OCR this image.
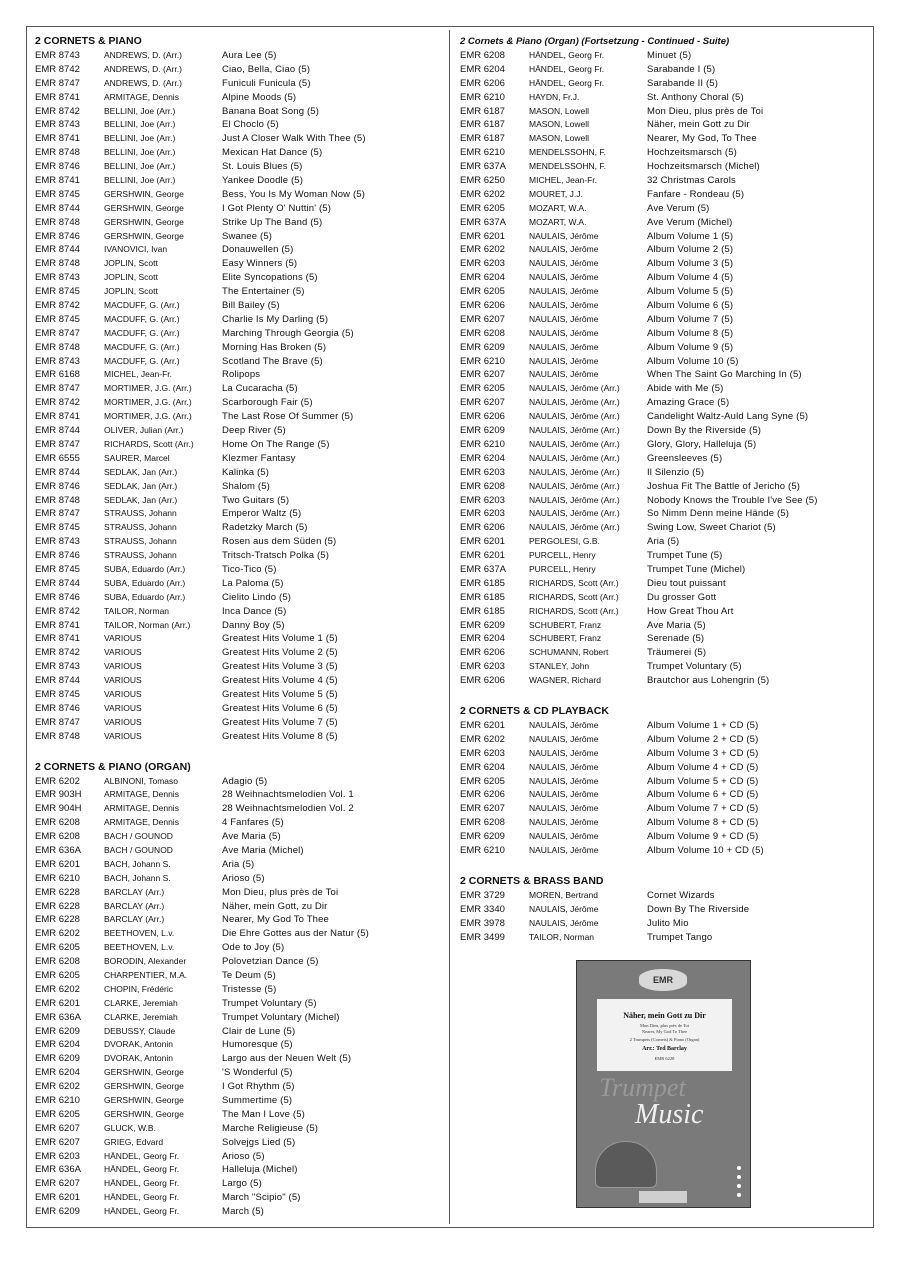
2 CORNETS & PIANO
EMR 8743	ANDREWS, D. (Arr.)	Aura Lee (5)
EMR 8742	ANDREWS, D. (Arr.)	Ciao, Bella, Ciao (5)
EMR 8747	ANDREWS, D. (Arr.)	Funiculi Funicula (5)
EMR 8741	ARMITAGE, Dennis	Alpine Moods (5)
EMR 8742	BELLINI, Joe (Arr.)	Banana Boat Song (5)
EMR 8743	BELLINI, Joe (Arr.)	El Choclo (5)
EMR 8741	BELLINI, Joe (Arr.)	Just A Closer Walk With Thee (5)
EMR 8748	BELLINI, Joe (Arr.)	Mexican Hat Dance (5)
EMR 8746	BELLINI, Joe (Arr.)	St. Louis Blues (5)
EMR 8741	BELLINI, Joe (Arr.)	Yankee Doodle (5)
EMR 8745	GERSHWIN, George	Bess, You Is My Woman Now (5)
EMR 8744	GERSHWIN, George	I Got Plenty O' Nuttin' (5)
EMR 8748	GERSHWIN, George	Strike Up The Band (5)
EMR 8746	GERSHWIN, George	Swanee (5)
EMR 8744	IVANOVICI, Ivan	Donauwellen (5)
EMR 8748	JOPLIN, Scott	Easy Winners (5)
EMR 8743	JOPLIN, Scott	Elite Syncopations (5)
EMR 8745	JOPLIN, Scott	The Entertainer (5)
EMR 8742	MACDUFF, G. (Arr.)	Bill Bailey (5)
EMR 8745	MACDUFF, G. (Arr.)	Charlie Is My Darling (5)
EMR 8747	MACDUFF, G. (Arr.)	Marching Through Georgia (5)
EMR 8748	MACDUFF, G. (Arr.)	Morning Has Broken (5)
EMR 8743	MACDUFF, G. (Arr.)	Scotland The Brave (5)
EMR 6168	MICHEL, Jean-Fr.	Rolipops
EMR 8747	MORTIMER, J.G. (Arr.)	La Cucaracha (5)
EMR 8742	MORTIMER, J.G. (Arr.)	Scarborough Fair (5)
EMR 8741	MORTIMER, J.G. (Arr.)	The Last Rose Of Summer (5)
EMR 8744	OLIVER, Julian (Arr.)	Deep River (5)
EMR 8747	RICHARDS, Scott (Arr.)	Home On The Range (5)
EMR 6555	SAURER, Marcel	Klezmer Fantasy
EMR 8744	SEDLAK, Jan (Arr.)	Kalinka (5)
EMR 8746	SEDLAK, Jan (Arr.)	Shalom (5)
EMR 8748	SEDLAK, Jan (Arr.)	Two Guitars (5)
EMR 8747	STRAUSS, Johann	Emperor Waltz (5)
EMR 8745	STRAUSS, Johann	Radetzky March (5)
EMR 8743	STRAUSS, Johann	Rosen aus dem Süden (5)
EMR 8746	STRAUSS, Johann	Tritsch-Tratsch Polka (5)
EMR 8745	SUBA, Eduardo (Arr.)	Tico-Tico (5)
EMR 8744	SUBA, Eduardo (Arr.)	La Paloma (5)
EMR 8746	SUBA, Eduardo (Arr.)	Cielito Lindo (5)
EMR 8742	TAILOR, Norman	Inca Dance (5)
EMR 8741	TAILOR, Norman (Arr.)	Danny Boy (5)
EMR 8741	VARIOUS	Greatest Hits Volume 1 (5)
EMR 8742	VARIOUS	Greatest Hits Volume 2 (5)
EMR 8743	VARIOUS	Greatest Hits Volume 3 (5)
EMR 8744	VARIOUS	Greatest Hits Volume 4 (5)
EMR 8745	VARIOUS	Greatest Hits Volume 5 (5)
EMR 8746	VARIOUS	Greatest Hits Volume 6 (5)
EMR 8747	VARIOUS	Greatest Hits Volume 7 (5)
EMR 8748	VARIOUS	Greatest Hits Volume 8 (5)
2 CORNETS & PIANO (ORGAN)
EMR 6202	ALBINONI, Tomaso	Adagio (5)
EMR 903H	ARMITAGE, Dennis	28 Weihnachtsmelodien Vol. 1
EMR 904H	ARMITAGE, Dennis	28 Weihnachtsmelodien Vol. 2
EMR 6208	ARMITAGE, Dennis	4 Fanfares (5)
EMR 6208	BACH / GOUNOD	Ave Maria (5)
EMR 636A	BACH / GOUNOD	Ave Maria (Michel)
EMR 6201	BACH, Johann S.	Aria (5)
EMR 6210	BACH, Johann S.	Arioso (5)
EMR 6228	BARCLAY (Arr.)	Mon Dieu, plus près de Toi
EMR 6228	BARCLAY (Arr.)	Näher, mein Gott, zu Dir
EMR 6228	BARCLAY (Arr.)	Nearer, My God To Thee
EMR 6202	BEETHOVEN, L.v.	Die Ehre Gottes aus der Natur (5)
EMR 6205	BEETHOVEN, L.v.	Ode to Joy (5)
EMR 6208	BORODIN, Alexander	Polovetzian Dance (5)
EMR 6205	CHARPENTIER, M.A.	Te Deum (5)
EMR 6202	CHOPIN, Frédéric	Tristesse (5)
EMR 6201	CLARKE, Jeremiah	Trumpet Voluntary (5)
EMR 636A	CLARKE, Jeremiah	Trumpet Voluntary (Michel)
EMR 6209	DEBUSSY, Claude	Clair de Lune (5)
EMR 6204	DVORAK, Antonin	Humoresque (5)
EMR 6209	DVORAK, Antonin	Largo aus der Neuen Welt (5)
EMR 6204	GERSHWIN, George	'S Wonderful (5)
EMR 6202	GERSHWIN, George	I Got Rhythm (5)
EMR 6210	GERSHWIN, George	Summertime (5)
EMR 6205	GERSHWIN, George	The Man I Love (5)
EMR 6207	GLUCK, W.B.	Marche Religieuse (5)
EMR 6207	GRIEG, Edvard	Solvejgs Lied (5)
EMR 6203	HÄNDEL, Georg Fr.	Arioso (5)
EMR 636A	HÄNDEL, Georg Fr.	Halleluja (Michel)
EMR 6207	HÄNDEL, Georg Fr.	Largo (5)
EMR 6201	HÄNDEL, Georg Fr.	March "Scipio" (5)
EMR 6209	HÄNDEL, Georg Fr.	March (5)
2 Cornets & Piano (Organ) (Fortsetzung - Continued - Suite)
EMR 6208	HÄNDEL, Georg Fr.	Minuet (5)
EMR 6204	HÄNDEL, Georg Fr.	Sarabande I (5)
EMR 6206	HÄNDEL, Georg Fr.	Sarabande II (5)
EMR 6210	HAYDN, Fr.J.	St. Anthony Choral (5)
EMR 6187	MASON, Lowell	Mon Dieu, plus près de Toi
EMR 6187	MASON, Lowell	Näher, mein Gott zu Dir
EMR 6187	MASON, Lowell	Nearer, My God, To Thee
EMR 6210	MENDELSSOHN, F.	Hochzeitsmarsch (5)
EMR 637A	MENDELSSOHN, F.	Hochzeitsmarsch (Michel)
EMR 6250	MICHEL, Jean-Fr.	32 Christmas Carols
EMR 6202	MOURET, J.J.	Fanfare - Rondeau (5)
EMR 6205	MOZART, W.A.	Ave Verum (5)
EMR 637A	MOZART, W.A.	Ave Verum (Michel)
EMR 6201	NAULAIS, Jérôme	Album Volume 1 (5)
EMR 6202	NAULAIS, Jérôme	Album Volume 2 (5)
EMR 6203	NAULAIS, Jérôme	Album Volume 3 (5)
EMR 6204	NAULAIS, Jérôme	Album Volume 4 (5)
EMR 6205	NAULAIS, Jérôme	Album Volume 5 (5)
EMR 6206	NAULAIS, Jérôme	Album Volume 6 (5)
EMR 6207	NAULAIS, Jérôme	Album Volume 7 (5)
EMR 6208	NAULAIS, Jérôme	Album Volume 8 (5)
EMR 6209	NAULAIS, Jérôme	Album Volume 9 (5)
EMR 6210	NAULAIS, Jérôme	Album Volume 10 (5)
EMR 6207	NAULAIS, Jérôme	When The Saint Go Marching In (5)
EMR 6205	NAULAIS, Jérôme (Arr.)	Abide with Me (5)
EMR 6207	NAULAIS, Jérôme (Arr.)	Amazing Grace (5)
EMR 6206	NAULAIS, Jérôme (Arr.)	Candelight Waltz-Auld Lang Syne (5)
EMR 6209	NAULAIS, Jérôme (Arr.)	Down By the Riverside (5)
EMR 6210	NAULAIS, Jérôme (Arr.)	Glory, Glory, Halleluja (5)
EMR 6204	NAULAIS, Jérôme (Arr.)	Greensleeves (5)
EMR 6203	NAULAIS, Jérôme (Arr.)	Il Silenzio (5)
EMR 6208	NAULAIS, Jérôme (Arr.)	Joshua Fit The Battle of Jericho (5)
EMR 6203	NAULAIS, Jérôme (Arr.)	Nobody Knows the Trouble I've See (5)
EMR 6203	NAULAIS, Jérôme (Arr.)	So Nimm Denn meine Hände (5)
EMR 6206	NAULAIS, Jérôme (Arr.)	Swing Low, Sweet Chariot (5)
EMR 6201	PERGOLESI, G.B.	Aria (5)
EMR 6201	PURCELL, Henry	Trumpet Tune (5)
EMR 637A	PURCELL, Henry	Trumpet Tune (Michel)
EMR 6185	RICHARDS, Scott (Arr.)	Dieu tout puissant
EMR 6185	RICHARDS, Scott (Arr.)	Du grosser Gott
EMR 6185	RICHARDS, Scott (Arr.)	How Great Thou Art
EMR 6209	SCHUBERT, Franz	Ave Maria (5)
EMR 6204	SCHUBERT, Franz	Serenade (5)
EMR 6206	SCHUMANN, Robert	Träumerei (5)
EMR 6203	STANLEY, John	Trumpet Voluntary (5)
EMR 6206	WAGNER, Richard	Brautchor aus Lohengrin (5)
2 CORNETS & CD PLAYBACK
EMR 6201	NAULAIS, Jérôme	Album Volume 1 + CD (5)
EMR 6202	NAULAIS, Jérôme	Album Volume 2 + CD (5)
EMR 6203	NAULAIS, Jérôme	Album Volume 3 + CD (5)
EMR 6204	NAULAIS, Jérôme	Album Volume 4 + CD (5)
EMR 6205	NAULAIS, Jérôme	Album Volume 5 + CD (5)
EMR 6206	NAULAIS, Jérôme	Album Volume 6 + CD (5)
EMR 6207	NAULAIS, Jérôme	Album Volume 7 + CD (5)
EMR 6208	NAULAIS, Jérôme	Album Volume 8 + CD (5)
EMR 6209	NAULAIS, Jérôme	Album Volume 9 + CD (5)
EMR 6210	NAULAIS, Jérôme	Album Volume 10 + CD (5)
2 CORNETS & BRASS BAND
EMR 3729	MOREN, Bertrand	Cornet Wizards
EMR 3340	NAULAIS, Jérôme	Down By The Riverside
EMR 3978	NAULAIS, Jérôme	Julito Mio
EMR 3499	TAILOR, Norman	Trumpet Tango
EMR
Näher, mein Gott zu Dir
Mon Dieu, plus près de Toi
Nearer, My God To Thee
2 Trumpets (Cornets) & Piano (Organ)
Arr.: Ted Barclay
EMR 6228
Trumpet
Music
